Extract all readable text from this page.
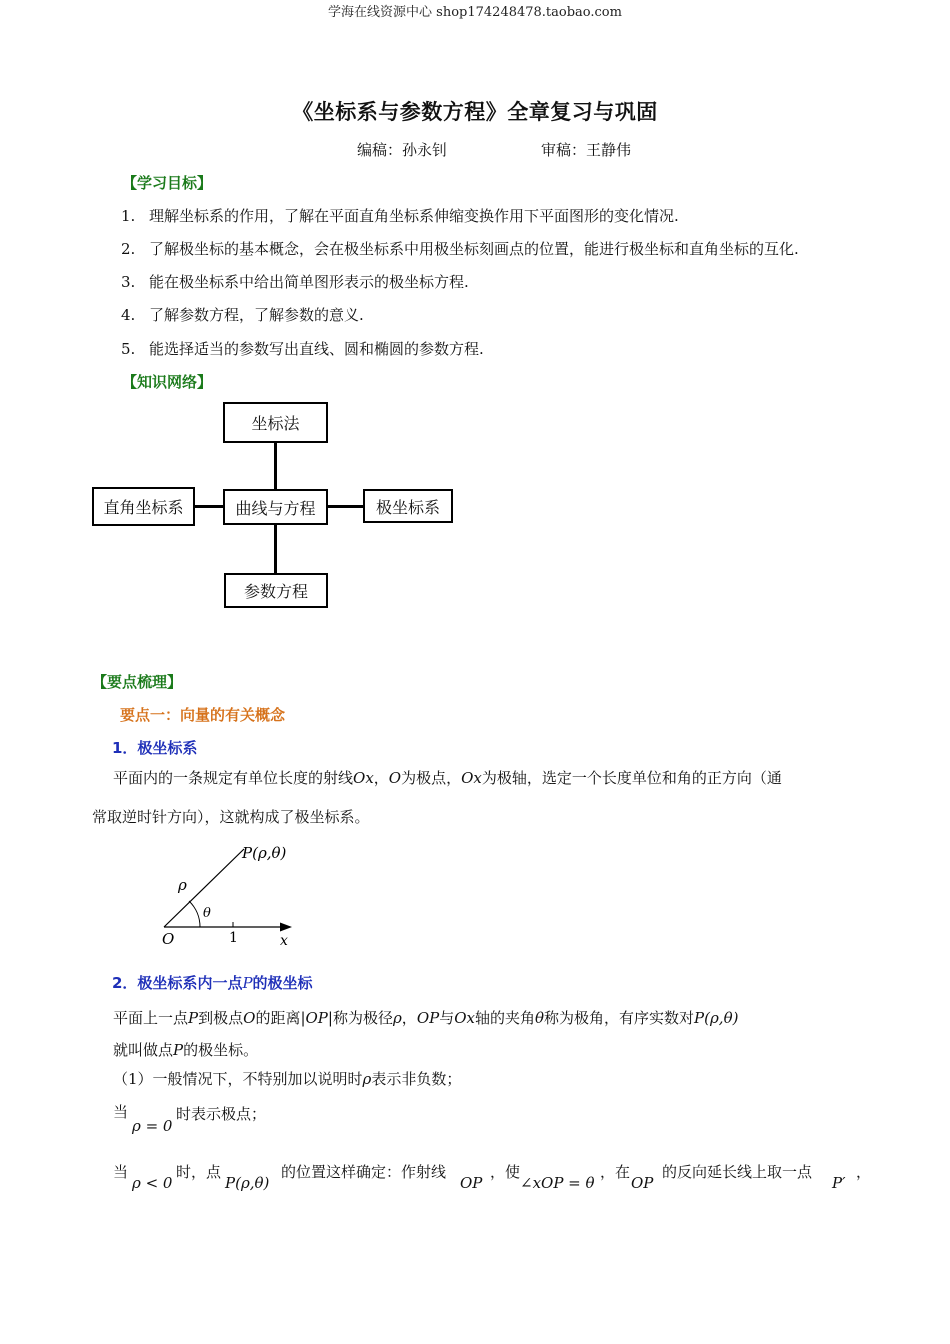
学海在线资源中心 shop174248478.taobao.com
《坐标系与参数方程》全章复习与巩固
编稿：孙永钊	审稿：王静伟
【学习目标】
1. 理解坐标系的作用，了解在平面直角坐标系伸缩变换作用下平面图形的变化情况.
2. 了解极坐标的基本概念，会在极坐标系中用极坐标刻画点的位置，能进行极坐标和直角坐标的互化.
3. 能在极坐标系中给出简单图形表示的极坐标方程.
4. 了解参数方程，了解参数的意义.
5. 能选择适当的参数写出直线、圆和椭圆的参数方程.
【知识网络】
坐标法
直角坐标系	曲线与方程	极坐标系
参数方程
【要点梳理】
要点一：向量的有关概念
1．极坐标系
平面内的一条规定有单位长度的射线Ox，O为极点，Ox为极轴，选定一个长度单位和角的正方向（通
常取逆时针方向），这就构成了极坐标系。
P(ρ,θ)
ρ
θ
O	1	x
2．极坐标系内一点P的极坐标
平面上一点P到极点O的距离|OP|称为极径ρ，OP与Ox轴的夹角θ称为极角，有序实数对P(ρ,θ)
就叫做点P的极坐标。
（1）一般情况下，不特别加以说明时ρ表示非负数；
当
ρ = 0
时表示极点；
当
ρ < 0
时，点
P(ρ,θ)
的位置这样确定：作射线
OP
，使
∠xOP = θ
，在
OP
的反向延长线上取一点
P′
，
